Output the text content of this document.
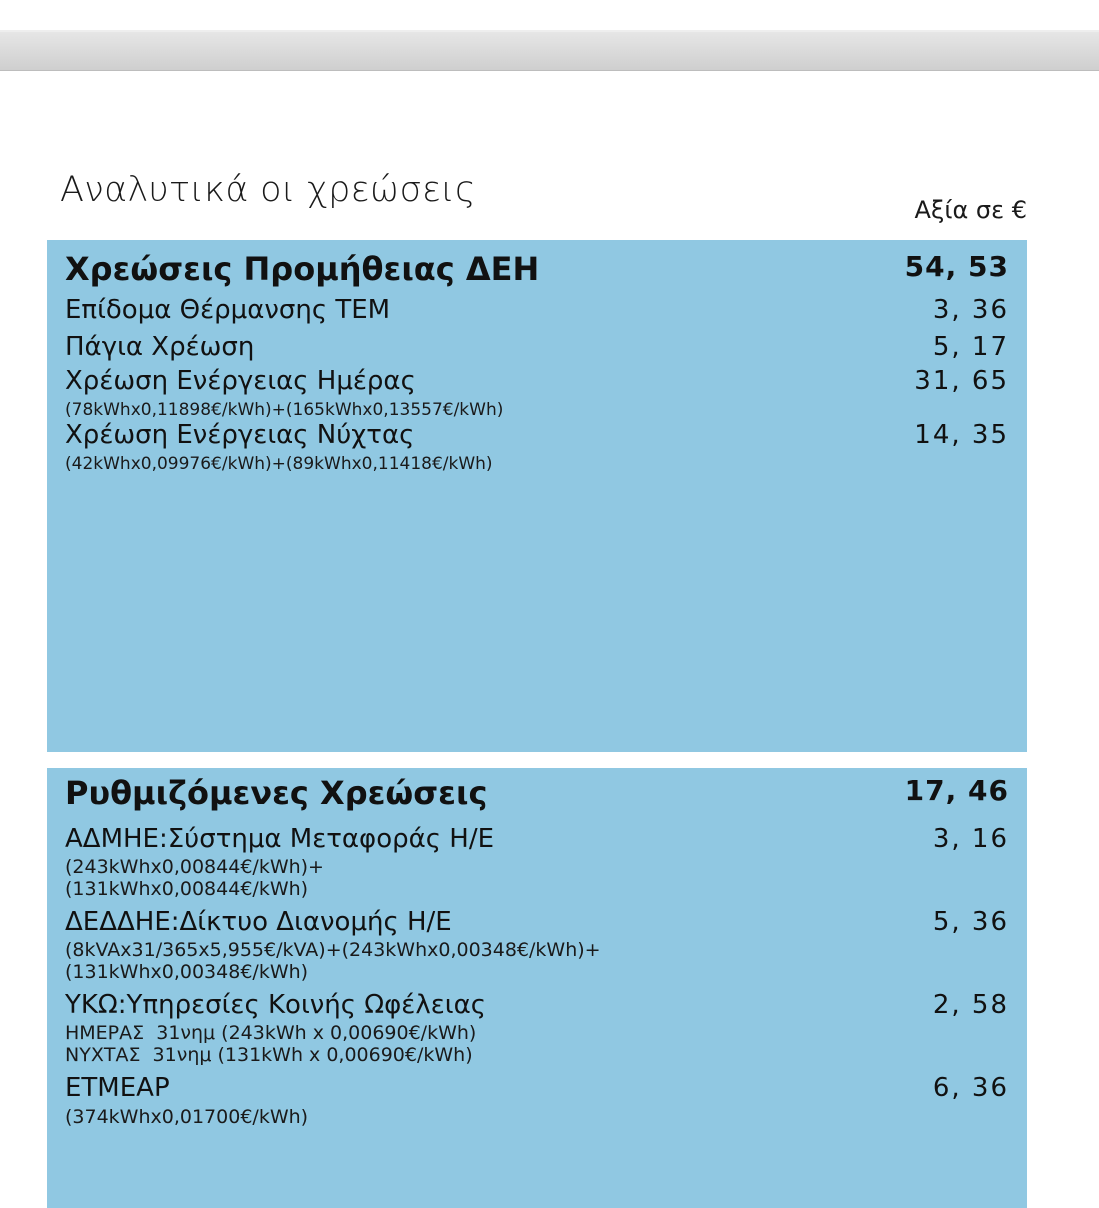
Αναλυτικά οι χρεώσεις	Αξία σε €
Χρεώσεις Προμήθειας ΔΕΗ	54, 53
Επίδομα Θέρμανσης ΤΕΜ	3, 36
Πάγια Χρέωση	5, 17
Χρέωση Ενέργειας Ημέρας	31, 65
(78kWhx0,11898€/kWh)+(165kWhx0,13557€/kWh)
Χρέωση Ενέργειας Νύχτας	14, 35
(42kWhx0,09976€/kWh)+(89kWhx0,11418€/kWh)
Ρυθμιζόμενες Χρεώσεις	17, 46
ΑΔΜΗΕ:Σύστημα Μεταφοράς Η/Ε	3, 16
(243kWhx0,00844€/kWh)+
(131kWhx0,00844€/kWh)
ΔΕΔΔΗΕ:Δίκτυο Διανομής Η/Ε	5, 36
(8kVAx31/365x5,955€/kVA)+(243kWhx0,00348€/kWh)+
(131kWhx0,00348€/kWh)
ΥΚΩ:Υπηρεσίες Κοινής Ωφέλειας	2, 58
ΗΜΕΡΑΣ  31νημ (243kWh x 0,00690€/kWh)
ΝΥΧΤΑΣ  31νημ (131kWh x 0,00690€/kWh)
ΕΤΜΕΑΡ	6, 36
(374kWhx0,01700€/kWh)
